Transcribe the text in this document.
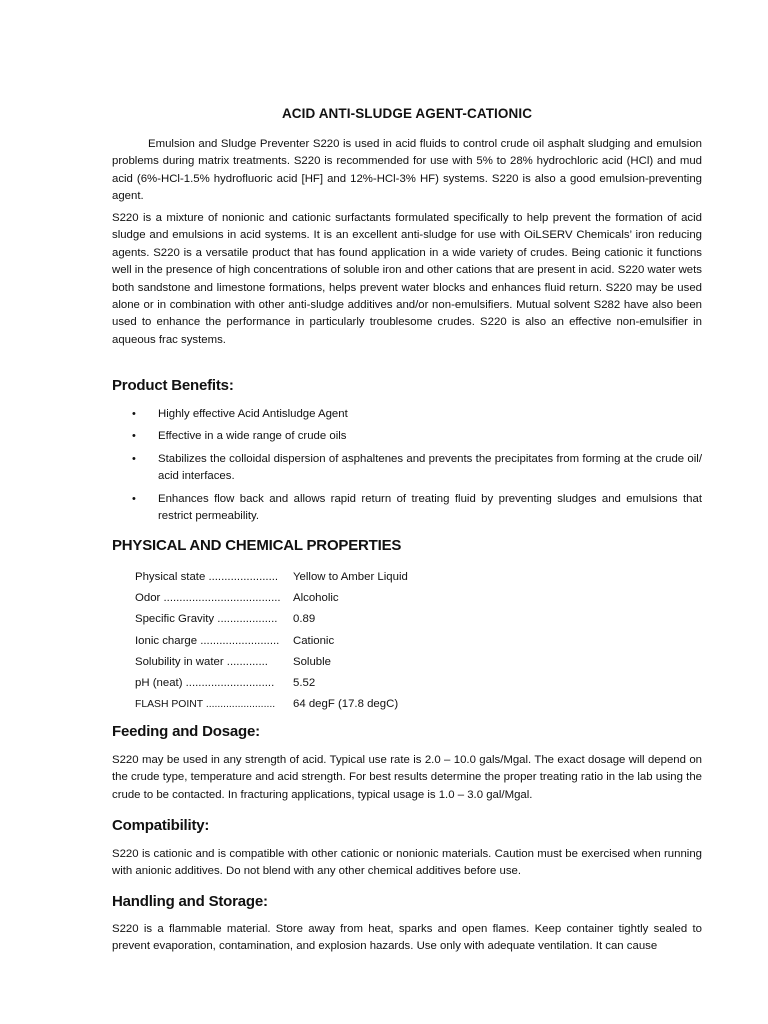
ACID ANTI-SLUDGE AGENT-CATIONIC

Emulsion and Sludge Preventer S220 is used in acid fluids to control crude oil asphalt sludging and emulsion problems during matrix treatments. S220 is recommended for use with 5% to 28% hydrochloric acid (HCl) and mud acid (6%-HCl-1.5% hydrofluoric acid [HF] and 12%-HCl-3% HF) systems. S220 is also a good emulsion-preventing agent.

S220 is a mixture of nonionic and cationic surfactants formulated specifically to help prevent the formation of acid sludge and emulsions in acid systems. It is an excellent anti-sludge for use with OiLSERV Chemicals’ iron reducing agents. S220 is a versatile product that has found application in a wide variety of crudes. Being cationic it functions well in the presence of high concentrations of soluble iron and other cations that are present in acid. S220 water wets both sandstone and limestone formations, helps prevent water blocks and enhances fluid return. S220 may be used alone or in combination with other anti-sludge additives and/or non-emulsifiers. Mutual solvent S282 have also been used to enhance the performance in particularly troublesome crudes. S220 is also an effective non-emulsifier in aqueous frac systems.

Product Benefits:
• Highly effective Acid Antisludge Agent
• Effective in a wide range of crude oils
• Stabilizes the colloidal dispersion of asphaltenes and prevents the precipitates from forming at the crude oil/ acid interfaces.
• Enhances flow back and allows rapid return of treating fluid by preventing sludges and emulsions that restrict permeability.
PHYSICAL AND CHEMICAL PROPERTIES
Physical state ......................	Yellow to Amber Liquid
Odor .....................................	Alcoholic
Specific Gravity ...................	0.89
Ionic charge .........................	Cationic
Solubility in water .............	Soluble
pH (neat) ............................	5.52
FLASH POINT ........................	64 degF (17.8 degC)
Feeding and Dosage:

S220 may be used in any strength of acid. Typical use rate is 2.0 – 10.0 gals/Mgal. The exact dosage will depend on the crude type, temperature and acid strength. For best results determine the proper treating ratio in the lab using the crude to be contacted. In fracturing applications, typical usage is 1.0 – 3.0 gal/Mgal.

Compatibility:

S220 is cationic and is compatible with other cationic or nonionic materials. Caution must be exercised when running with anionic additives. Do not blend with any other chemical additives before use.

Handling and Storage:

S220 is a flammable material. Store away from heat, sparks and open flames. Keep container tightly sealed to prevent evaporation, contamination, and explosion hazards. Use only with adequate ventilation. It can cause
